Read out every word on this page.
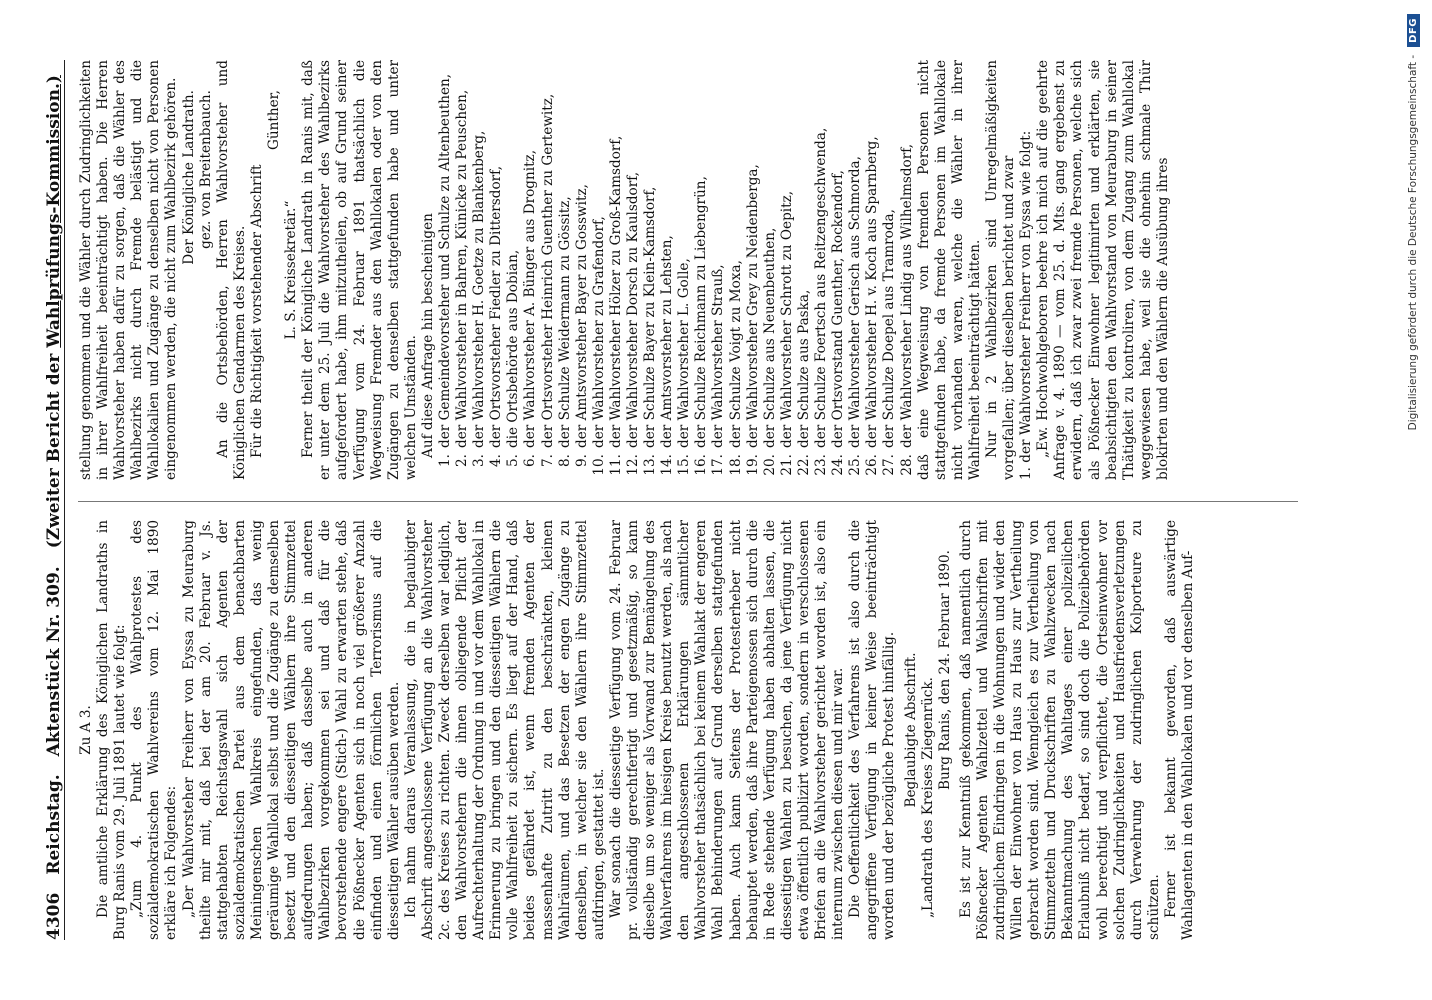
4306
Reichstag.
Aktenstück Nr. 309.
(Zweiter Bericht der Wahlprüfungs-Kommission.)

Zu A 3. Die amtliche Erklärung des Königlichen Landraths in Burg Ranis vom 29. Juli 1891 lautet wie folgt: „Zum 4. Punkt des Wahlprotestes des sozialdemokratischen Wahlvereins vom 12. Mai 1890 erkläre ich Folgendes: „Der Wahlvorsteher Freiherr von Eyssa zu Meuraburg theilte mir mit, daß bei der am 20. Februar v. Js. stattgehabten Reichstagswahl sich Agenten der sozialdemokratischen Partei aus dem benachbarten Meiningenschen Wahlkreis eingefunden, das wenig geräumige Wahllokal selbst und die Zugänge zu demselben besetzt und den diesseitigen Wählern ihre Stimmzettel aufgedrungen haben; daß dasselbe auch in anderen Wahlbezirken vorgekommen sei und daß für die bevorstehende engere (Stich-) Wahl zu erwarten stehe, daß die Pößnecker Agenten sich in noch viel größerer Anzahl einfinden und einen förmlichen Terrorismus auf die diesseitigen Wähler ausüben werden. Ich nahm daraus Veranlassung, die in beglaubigter Abschrift angeschlossene Verfügung an die Wahlvorsteher 2c. des Kreises zu richten. Zweck derselben war lediglich, den Wahlvorstehern die ihnen obliegende Pflicht der Aufrechterhaltung der Ordnung in und vor dem Wahllokal in Erinnerung zu bringen und den diesseitigen Wählern die volle Wahlfreiheit zu sichern. Es liegt auf der Hand, daß beides gefährdet ist, wenn fremden Agenten der massenhafte Zutritt zu den beschränkten, kleinen Wahlräumen, und das Besetzen der engen Zugänge zu denselben, in welcher sie den Wählern ihre Stimmzettel aufdringen, gestattet ist. War sonach die diesseitige Verfügung vom 24. Februar pr. vollständig gerechtfertigt und gesetzmäßig, so kann dieselbe um so weniger als Vorwand zur Bemängelung des Wahlverfahrens im hiesigen Kreise benutzt werden, als nach den angeschlossenen Erklärungen sämmtlicher Wahlvorsteher thatsächlich bei keinem Wahlakt der engeren Wahl Behinderungen auf Grund derselben stattgefunden haben. Auch kann Seitens der Protesterheber nicht behauptet werden, daß ihre Parteigenossen sich durch die in Rede stehende Verfügung haben abhalten lassen, die diesseitigen Wahlen zu besuchen, da jene Verfügung nicht etwa öffentlich publizirt worden, sondern in verschlossenen Briefen an die Wahlvorsteher gerichtet worden ist, also ein internum zwischen diesen und mir war. Die Oeffentlichkeit des Verfahrens ist also durch die angegriffene Verfügung in keiner Weise beeinträchtigt worden und der bezügliche Protest hinfällig. Beglaubigte Abschrift. „Landrath des Kreises Ziegenrück.

Burg Ranis, den 24. Februar 1890. Es ist zur Kenntniß gekommen, daß namentlich durch Pößnecker Agenten Wahlzettel und Wahlschriften mit zudringlichem Eindringen in die Wohnungen und wider den Willen der Einwohner von Haus zu Haus zur Vertheilung gebracht worden sind. Wenngleich es zur Vertheilung von Stimmzetteln und Druckschriften zu Wahlzwecken nach Bekanntmachung des Wahltages einer polizeilichen Erlaubniß nicht bedarf, so sind doch die Polizeibehörden wohl berechtigt und verpflichtet, die Ortseinwohner vor solchen Zudringlichkeiten und Hausfriedensverletzungen durch Verwehrung der zudringlichen Kolporteure zu schützen. Ferner ist bekannt geworden, daß auswärtige Wahlagenten in den Wahllokalen und vor denselben Auf-

stellung genommen und die Wähler durch Zudringlichkeiten in ihrer Wahlfreiheit beeinträchtigt haben. Die Herren Wahlvorsteher haben dafür zu sorgen, daß die Wähler des Wahlbezirks nicht durch Fremde belästigt und die Wahllokalien und Zugänge zu denselben nicht von Personen eingenommen werden, die nicht zum Wahlbezirk gehören. Der Königliche Landrath. gez. von Breitenbauch. An die Ortsbehörden, Herren Wahlvorsteher und Königlichen Gendarmen des Kreises. Für die Richtigkeit vorstehender Abschrift

Günther,

L. S. Kreissekretär.“ Ferner theilt der Königliche Landrath in Ranis mit, daß er unter dem 25. Juli die Wahlvorsteher des Wahlbezirks aufgefordert habe, ihm mitzutheilen, ob auf Grund seiner Verfügung vom 24. Februar 1891 thatsächlich die Wegweisung Fremder aus den Wahllokalen oder von den Zugängen zu denselben stattgefunden habe und unter welchen Umständen. Auf diese Anfrage hin bescheinigen

1.
der Gemeindevorsteher und Schulze zu Altenbeuthen,
2.
der Wahlvorsteher in Bahren, Künicke zu Peuschen,
3.
der Wahlvorsteher H. Goetze zu Blankenberg,
4.
der Ortsvorsteher Fiedler zu Dittersdorf,
5.
die Ortsbehörde aus Dobian,
6.
der Wahlvorsteher A. Bünger aus Drognitz,
7.
der Ortsvorsteher Heinrich Guenther zu Gertewitz,
8.
der Schulze Weidermann zu Gössitz,
9.
der Amtsvorsteher Bayer zu Gosswitz,
10.
der Wahlvorsteher zu Grafendorf,
11.
der Wahlvorsteher Hölzer zu Groß-Kamsdorf,
12.
der Wahlvorsteher Dorsch zu Kaulsdorf,
13.
der Schulze Bayer zu Klein-Kamsdorf,
14.
der Amtsvorsteher zu Lehsten,
15.
der Wahlvorsteher L. Golle,
16.
der Schulze Reichmann zu Liebengrün,
17.
der Wahlvorsteher Strauß,
18.
der Schulze Voigt zu Moxa,
19.
der Wahlvorsteher Grey zu Neidenberga,
20.
der Schulze aus Neuenbeuthen,
21.
der Wahlvorsteher Schrott zu Oepitz,
22.
der Schulze aus Paska,
23.
der Schulze Foertsch aus Reitzengeschwenda,
24.
der Ortsvorstand Guenther, Rockendorf,
25.
der Wahlvorsteher Gerisch aus Schmorda,
26.
der Wahlvorsteher H. v. Koch aus Sparnberg,
27.
der Schulze Doepel aus Tramroda,
28.
der Wahlvorsteher Lindig aus Wilhelmsdorf, daß eine Wegweisung von fremden Personen nicht stattgefunden habe, da fremde Personen im Wahllokale nicht vorhanden waren, welche die Wähler in ihrer Wahlfreiheit beeinträchtigt hätten. Nur in 2 Wahlbezirken sind Unregelmäßigkeiten vorgefallen; über dieselben berichtet und zwar 1. der Wahlvorsteher Freiherr von Eyssa wie folgt: „Ew. Hochwohlgeboren beehre ich mich auf die geehrte Anfrage v. 4. 1890 — vom 25. d. Mts. gang ergebenst zu erwidern, daß ich zwar zwei fremde Personen, welche sich als Pößnecker Einwohner legitimirten und erklärten, sie beabsichtigten den Wahlvorstand von Meuraburg in seiner Thätigkeit zu kontroliren, von dem Zugang zum Wahllokal weggewiesen habe, weil sie die ohnehin schmale Thür blokirten und den Wählern die Ausübung ihres	Digitalisierung gefördert durch die Deutsche Forschungsgemeinschaft -
DFG
